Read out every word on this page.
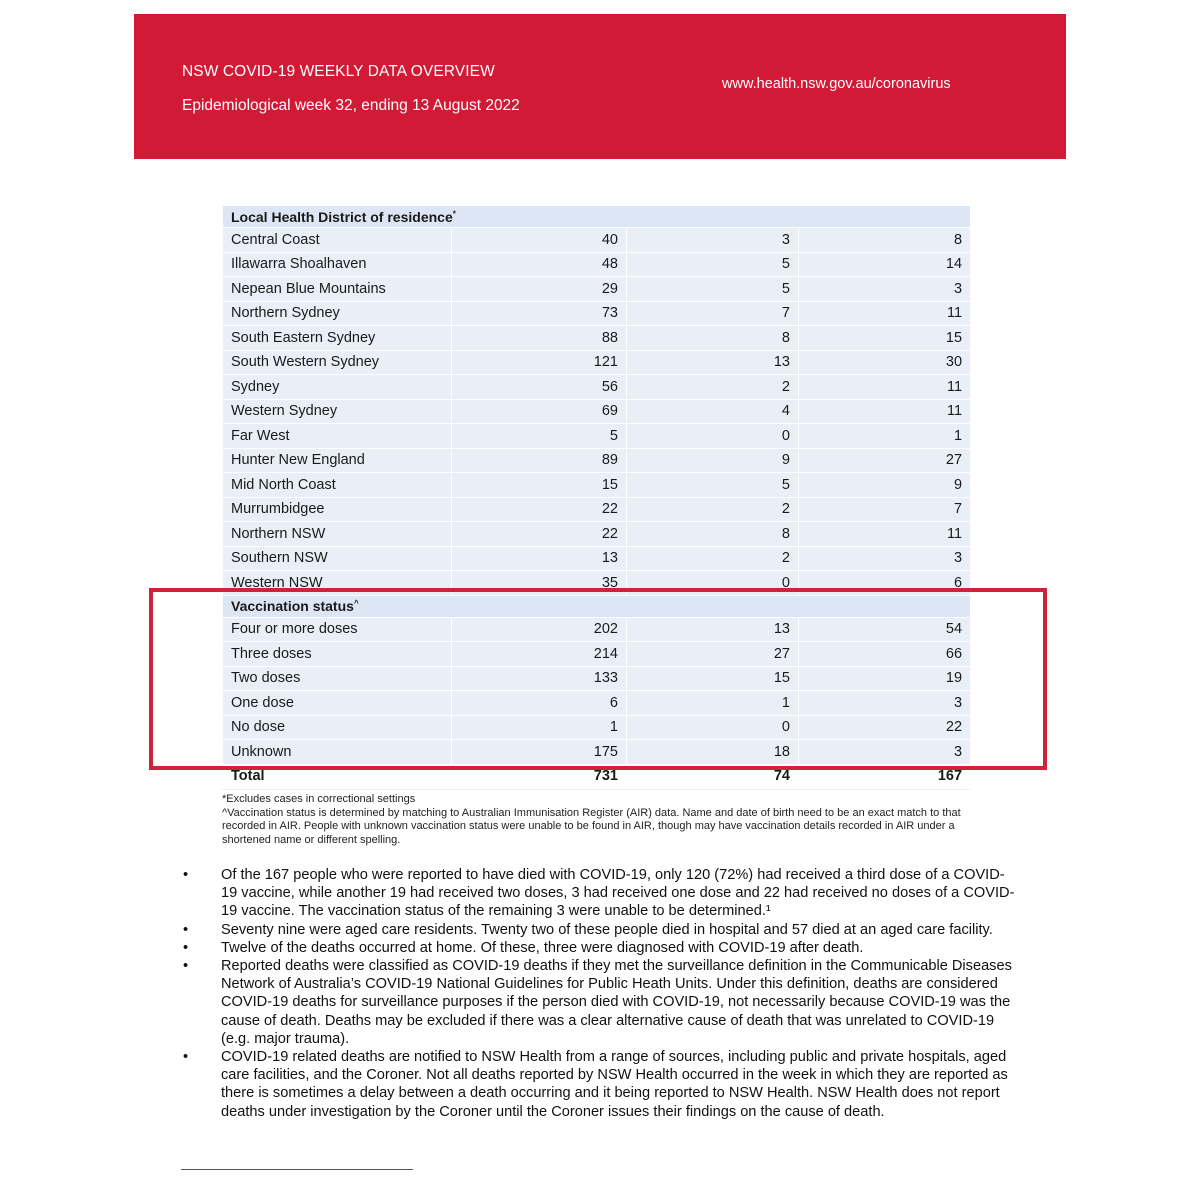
NSW COVID-19 WEEKLY DATA OVERVIEW
Epidemiological week 32, ending 13 August 2022
www.health.nsw.gov.au/coronavirus
Local Health District of residence*
Central Coast	40	3	8
Illawarra Shoalhaven	48	5	14
Nepean Blue Mountains	29	5	3
Northern Sydney	73	7	11
South Eastern Sydney	88	8	15
South Western Sydney	121	13	30
Sydney	56	2	11
Western Sydney	69	4	11
Far West	5	0	1
Hunter New England	89	9	27
Mid North Coast	15	5	9
Murrumbidgee	22	2	7
Northern NSW	22	8	11
Southern NSW	13	2	3
Western NSW	35	0	6
Vaccination status^
Four or more doses	202	13	54
Three doses	214	27	66
Two doses	133	15	19
One dose	6	1	3
No dose	1	0	22
Unknown	175	18	3
Total	731	74	167
*Excludes cases in correctional settings
^Vaccination status is determined by matching to Australian Immunisation Register (AIR) data. Name and date of birth need to be an exact match to that recorded in AIR. People with unknown vaccination status were unable to be found in AIR, though may have vaccination details recorded in AIR under a shortened name or different spelling.
• Of the 167 people who were reported to have died with COVID-19, only 120 (72%) had received a third dose of a COVID-19 vaccine, while another 19 had received two doses, 3 had received one dose and 22 had received no doses of a COVID-19 vaccine. The vaccination status of the remaining 3 were unable to be determined.¹
• Seventy nine were aged care residents. Twenty two of these people died in hospital and 57 died at an aged care facility.
• Twelve of the deaths occurred at home. Of these, three were diagnosed with COVID-19 after death.
• Reported deaths were classified as COVID-19 deaths if they met the surveillance definition in the Communicable Diseases Network of Australia’s COVID-19 National Guidelines for Public Heath Units. Under this definition, deaths are considered COVID-19 deaths for surveillance purposes if the person died with COVID-19, not necessarily because COVID-19 was the cause of death. Deaths may be excluded if there was a clear alternative cause of death that was unrelated to COVID-19 (e.g. major trauma).
• COVID-19 related deaths are notified to NSW Health from a range of sources, including public and private hospitals, aged care facilities, and the Coroner. Not all deaths reported by NSW Health occurred in the week in which they are reported as there is sometimes a delay between a death occurring and it being reported to NSW Health. NSW Health does not report deaths under investigation by the Coroner until the Coroner issues their findings on the cause of death.
